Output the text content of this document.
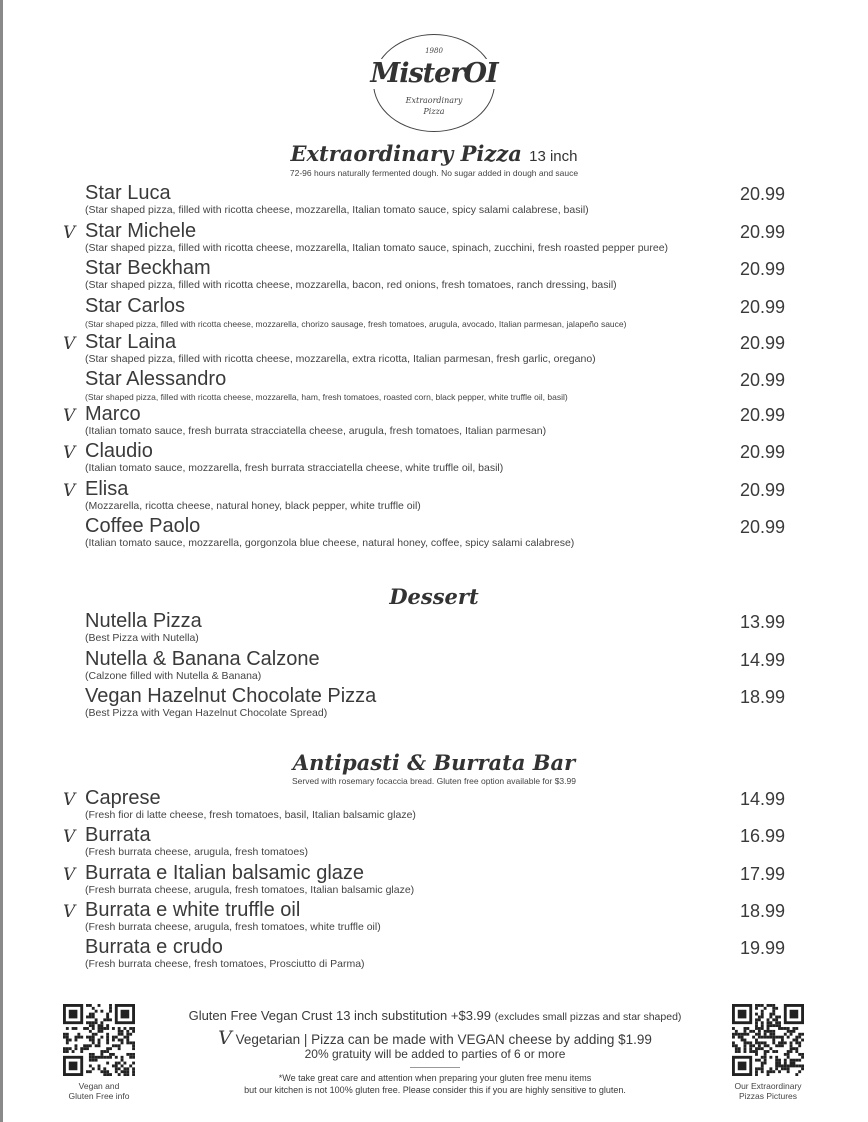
1980
MisterOI
Extraordinary
Pizza
Extraordinary Pizza 13 inch
72-96 hours naturally fermented dough. No sugar added in dough and sauce
Star Luca
(Star shaped pizza, filled with ricotta cheese, mozzarella, Italian tomato sauce, spicy salami calabrese, basil)
20.99
V Star Michele
(Star shaped pizza, filled with ricotta cheese, mozzarella, Italian tomato sauce, spinach, zucchini, fresh roasted pepper puree)
20.99
Star Beckham
(Star shaped pizza, filled with ricotta cheese, mozzarella, bacon, red onions, fresh tomatoes, ranch dressing, basil)
20.99
Star Carlos
(Star shaped pizza, filled with ricotta cheese, mozzarella, chorizo sausage, fresh tomatoes, arugula, avocado, Italian parmesan, jalapeño sauce)
20.99
V Star Laina
(Star shaped pizza, filled with ricotta cheese, mozzarella, extra ricotta, Italian parmesan, fresh garlic, oregano)
20.99
Star Alessandro
(Star shaped pizza, filled with ricotta cheese, mozzarella, ham, fresh tomatoes, roasted corn, black pepper, white truffle oil, basil)
20.99
V Marco
(Italian tomato sauce, fresh burrata stracciatella cheese, arugula, fresh tomatoes, Italian parmesan)
20.99
V Claudio
(Italian tomato sauce, mozzarella, fresh burrata stracciatella cheese, white truffle oil, basil)
20.99
V Elisa
(Mozzarella, ricotta cheese, natural honey, black pepper, white truffle oil)
20.99
Coffee Paolo
(Italian tomato sauce, mozzarella, gorgonzola blue cheese, natural honey, coffee, spicy salami calabrese)
20.99
Dessert
Nutella Pizza
(Best Pizza with Nutella)
13.99
Nutella & Banana Calzone
(Calzone filled with Nutella & Banana)
14.99
Vegan Hazelnut Chocolate Pizza
(Best Pizza with Vegan Hazelnut Chocolate Spread)
18.99
Antipasti & Burrata Bar
Served with rosemary focaccia bread. Gluten free option available for $3.99
V Caprese
(Fresh fior di latte cheese, fresh tomatoes, basil, Italian balsamic glaze)
14.99
V Burrata
(Fresh burrata cheese, arugula, fresh tomatoes)
16.99
V Burrata e Italian balsamic glaze
(Fresh burrata cheese, arugula, fresh tomatoes, Italian balsamic glaze)
17.99
V Burrata e white truffle oil
(Fresh burrata cheese, arugula, fresh tomatoes, white truffle oil)
18.99
Burrata e crudo
(Fresh burrata cheese, fresh tomatoes, Prosciutto di Parma)
19.99
Vegan and
Gluten Free info
Our Extraordinary
Pizzas Pictures
Gluten Free Vegan Crust 13 inch substitution +$3.99 (excludes small pizzas and star shaped)
V Vegetarian | Pizza can be made with VEGAN cheese by adding $1.99
20% gratuity will be added to parties of 6 or more
*We take great care and attention when preparing your gluten free menu items
but our kitchen is not 100% gluten free. Please consider this if you are highly sensitive to gluten.
